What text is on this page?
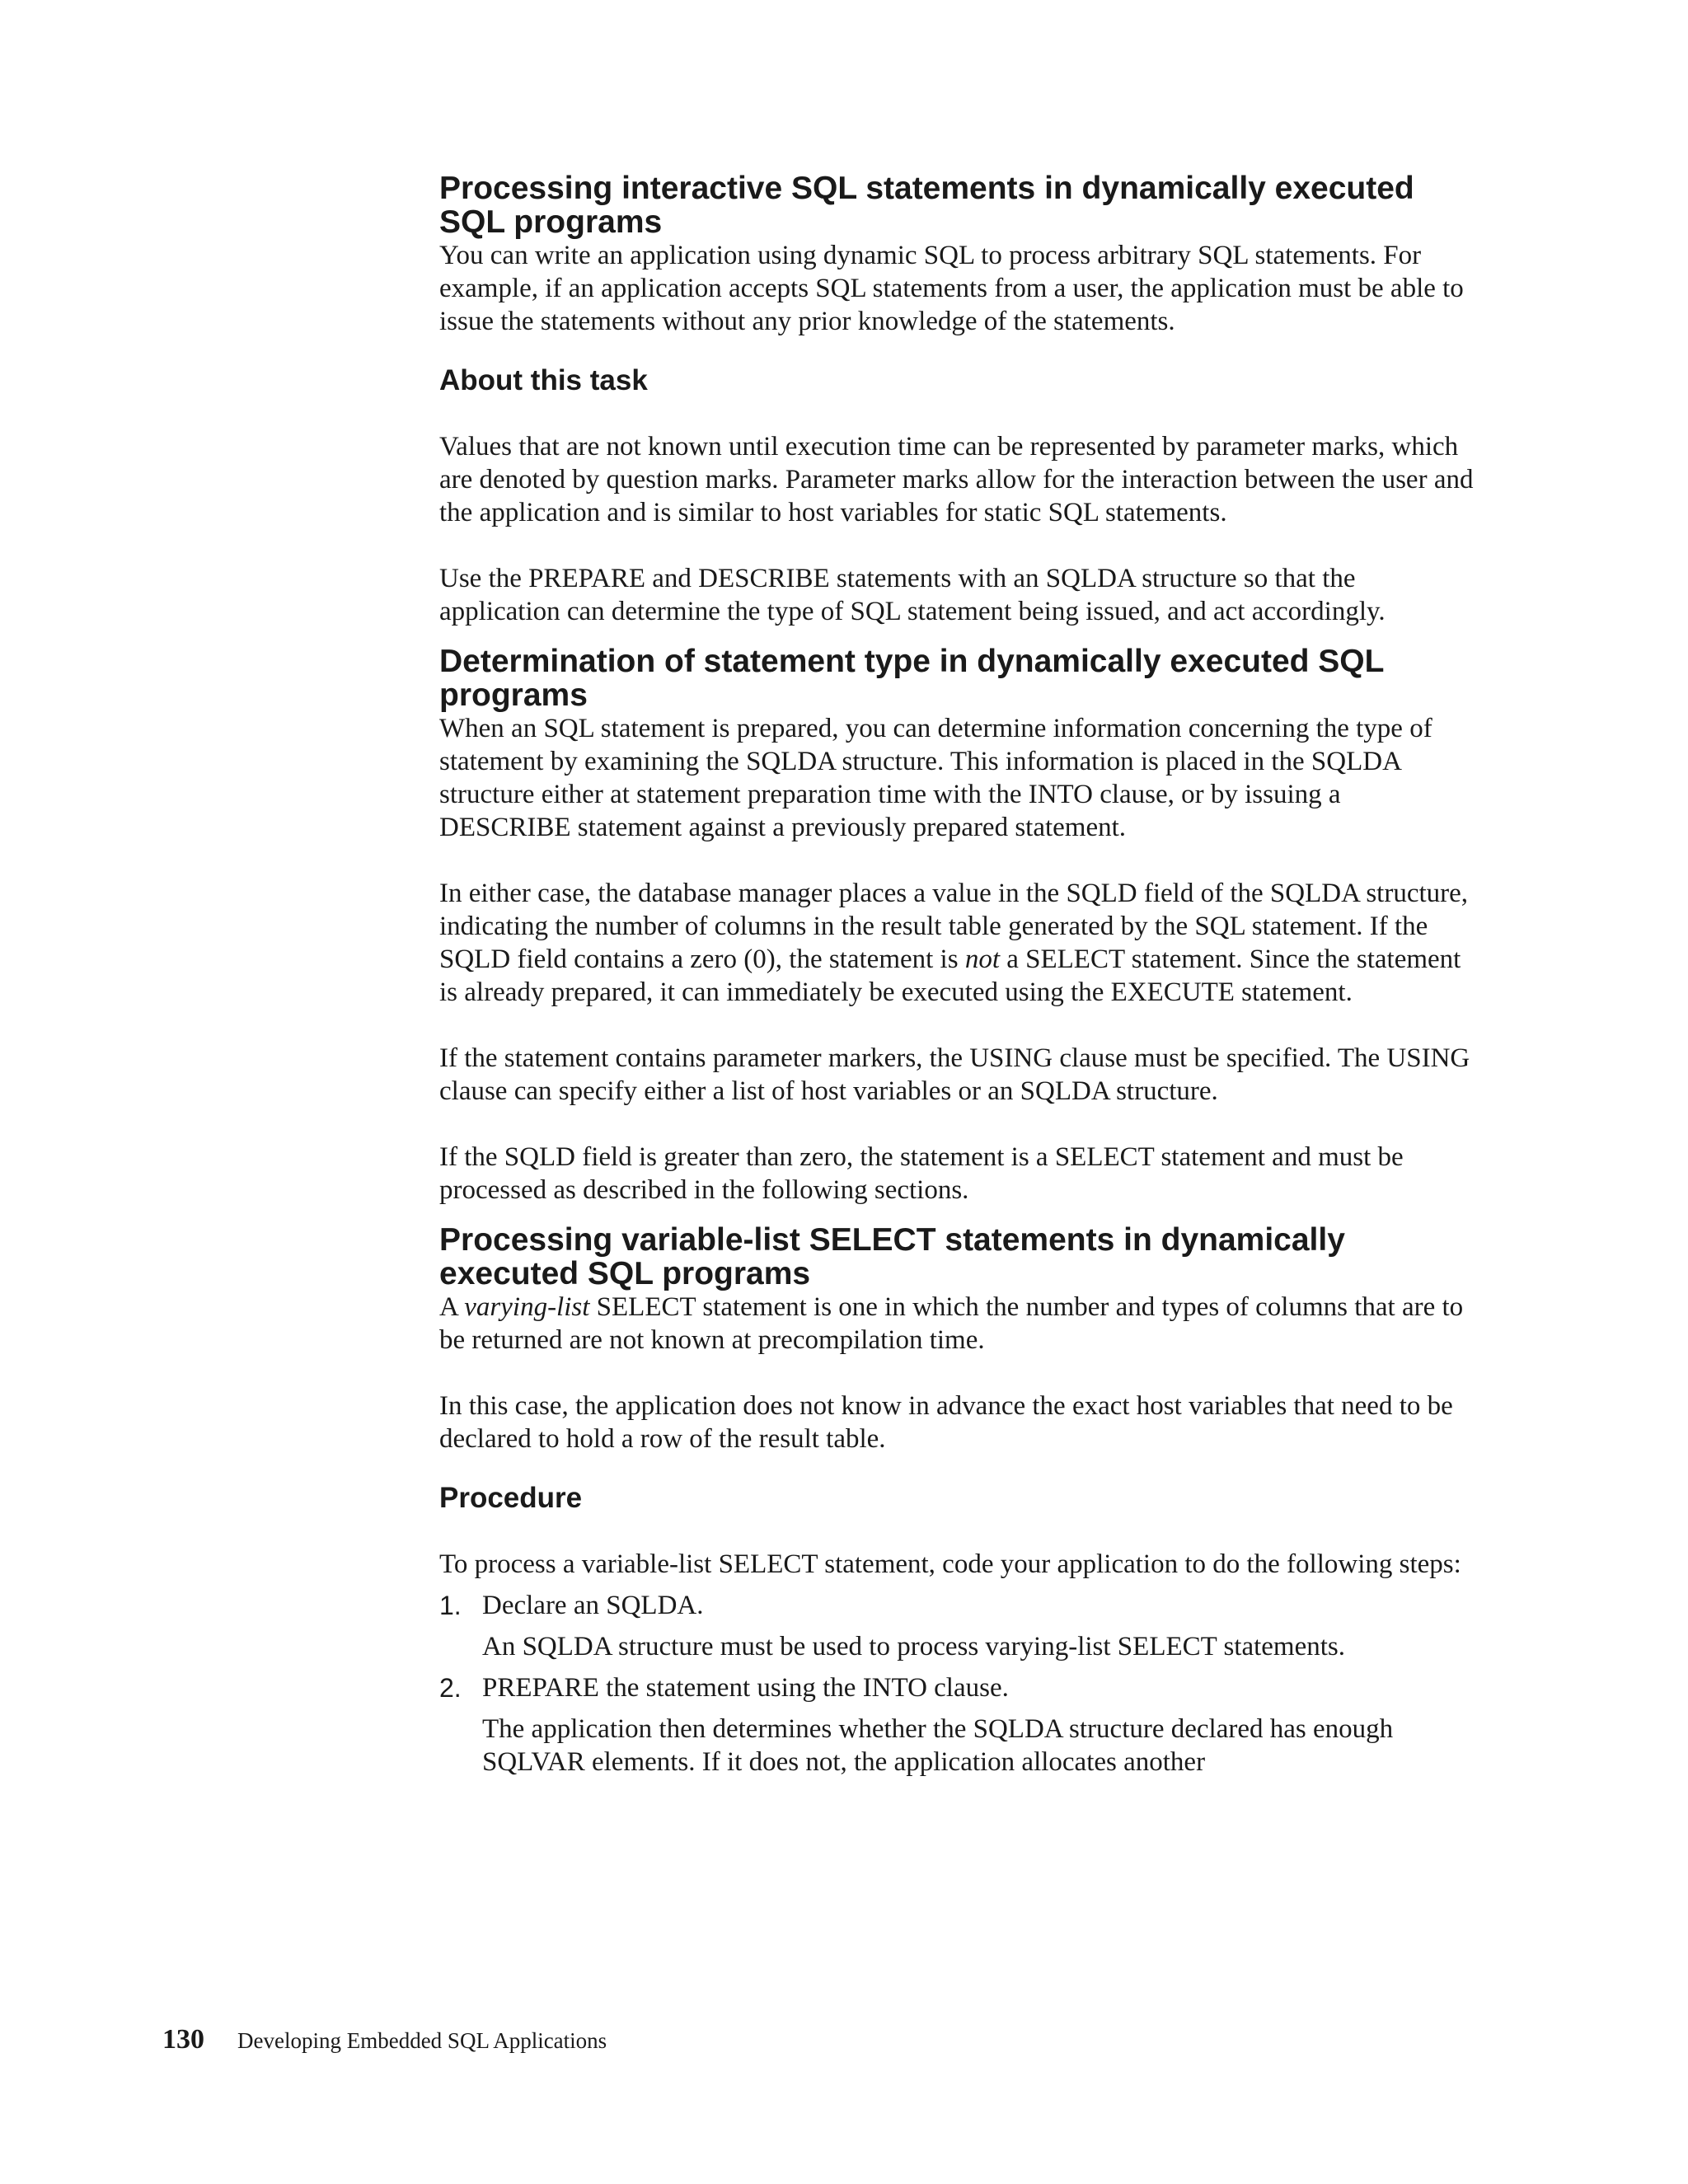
Processing interactive SQL statements in dynamically executed
SQL programs

You can write an application using dynamic SQL to process arbitrary SQL statements. For example, if an application accepts SQL statements from a user, the application must be able to issue the statements without any prior knowledge of the statements.

About this task

Values that are not known until execution time can be represented by parameter marks, which are denoted by question marks. Parameter marks allow for the interaction between the user and the application and is similar to host variables for static SQL statements.

Use the PREPARE and DESCRIBE statements with an SQLDA structure so that the application can determine the type of SQL statement being issued, and act accordingly.

Determination of statement type in dynamically executed SQL
programs

When an SQL statement is prepared, you can determine information concerning the type of statement by examining the SQLDA structure. This information is placed in the SQLDA structure either at statement preparation time with the INTO clause, or by issuing a DESCRIBE statement against a previously prepared statement.

In either case, the database manager places a value in the SQLD field of the SQLDA structure, indicating the number of columns in the result table generated by the SQL statement. If the SQLD field contains a zero (0), the statement is not a SELECT statement. Since the statement is already prepared, it can immediately be executed using the EXECUTE statement.

If the statement contains parameter markers, the USING clause must be specified. The USING clause can specify either a list of host variables or an SQLDA structure.

If the SQLD field is greater than zero, the statement is a SELECT statement and must be processed as described in the following sections.

Processing variable-list SELECT statements in dynamically
executed SQL programs

A varying-list SELECT statement is one in which the number and types of columns that are to be returned are not known at precompilation time.

In this case, the application does not know in advance the exact host variables that need to be declared to hold a row of the result table.

Procedure

To process a variable-list SELECT statement, code your application to do the following steps:

1. Declare an SQLDA.

An SQLDA structure must be used to process varying-list SELECT statements.

2. PREPARE the statement using the INTO clause.

The application then determines whether the SQLDA structure declared has enough SQLVAR elements. If it does not, the application allocates another

130 Developing Embedded SQL Applications
